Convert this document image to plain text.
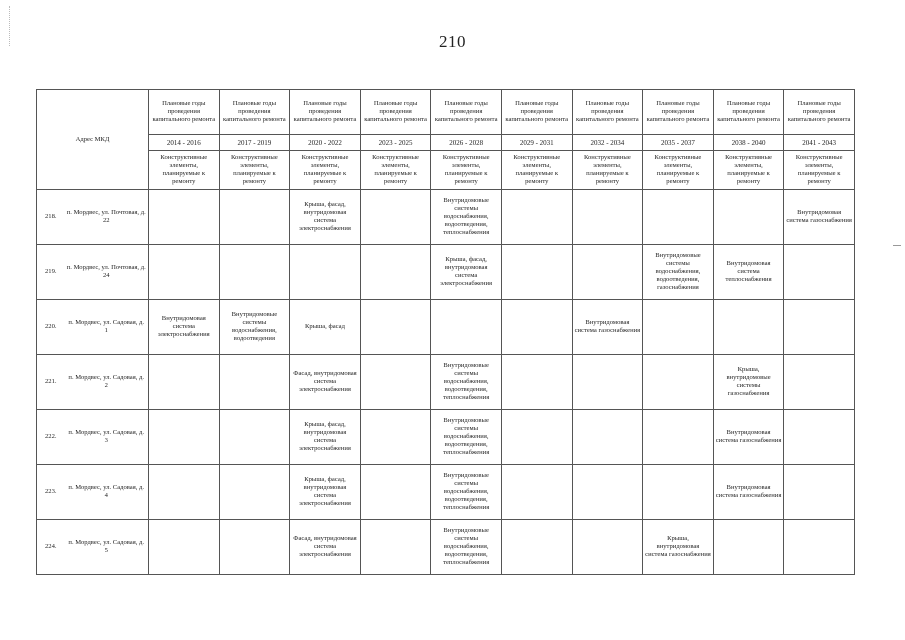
210
Адрес МКД		Плановые годы проведения капитального ремонта	Плановые годы проведения капитального ремонта	Плановые годы проведения капитального ремонта	Плановые годы проведения капитального ремонта	Плановые годы проведения капитального ремонта	Плановые годы проведения капитального ремонта	Плановые годы проведения капитального ремонта	Плановые годы проведения капитального ремонта	Плановые годы проведения капитального ремонта	Плановые годы проведения капитального ремонта
		2014 - 2016	2017 - 2019	2020 - 2022	2023 - 2025	2026 - 2028	2029 - 2031	2032 - 2034	2035 - 2037	2038 - 2040	2041 - 2043
		Конструктивные элементы, планируемые к ремонту	Конструктивные элементы, планируемые к ремонту	Конструктивные элементы, планируемые к ремонту	Конструктивные элементы, планируемые к ремонту	Конструктивные элементы, планируемые к ремонту	Конструктивные элементы, планируемые к ремонту	Конструктивные элементы, планируемые к ремонту	Конструктивные элементы, планируемые к ремонту	Конструктивные элементы, планируемые к ремонту	Конструктивные элементы, планируемые к ремонту
218.	п. Мордвес, ул. Почтовая, д. 22			Крыша, фасад, внутридомовая система электроснабжения		Внутридомовые системы водоснабжения, водоотведения, теплоснабжения					Внутридомовая система газоснабжения
219.	п. Мордвес, ул. Почтовая, д. 24					Крыша, фасад, внутридомовая система электроснабжения			Внутридомовые системы водоснабжения, водоотведения, газоснабжения	Внутридомовая система теплоснабжения	
220.	п. Мордвес, ул. Садовая, д. 1	Внутридомовая система электроснабжения	Внутридомовые системы водоснабжения, водоотведения	Крыша, фасад				Внутридомовая система газоснабжения			
221.	п. Мордвес, ул. Садовая, д. 2			Фасад, внутридомовая система электроснабжения		Внутридомовые системы водоснабжения, водоотведения, теплоснабжения				Крыша, внутридомовые системы газоснабжения	
222.	п. Мордвес, ул. Садовая, д. 3			Крыша, фасад, внутридомовая система электроснабжения		Внутридомовые системы водоснабжения, водоотведения, теплоснабжения				Внутридомовая система газоснабжения	
223.	п. Мордвес, ул. Садовая, д. 4			Крыша, фасад, внутридомовая система электроснабжения		Внутридомовые системы водоснабжения, водоотведения, теплоснабжения				Внутридомовая система газоснабжения	
224.	п. Мордвес, ул. Садовая, д. 5			Фасад, внутридомовая система электроснабжения		Внутридомовые системы водоснабжения, водоотведения, теплоснабжения			Крыша, внутридомовая система газоснабжения		
